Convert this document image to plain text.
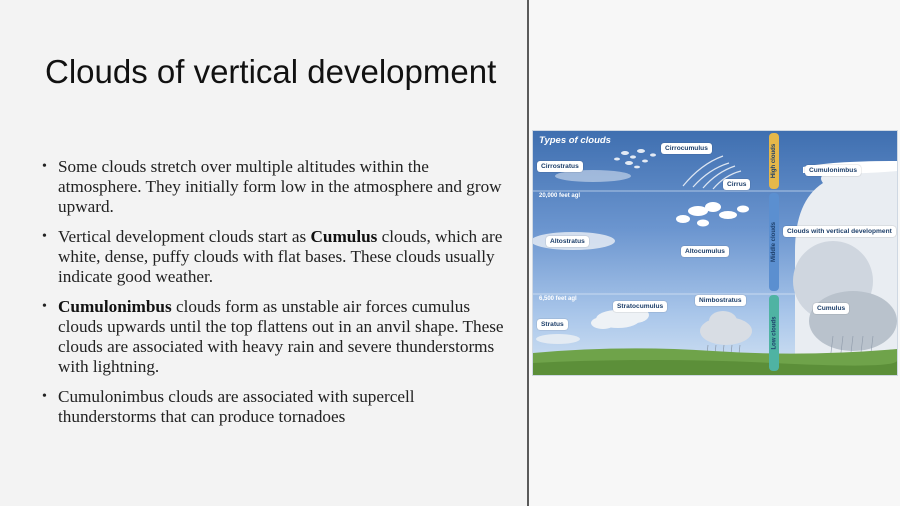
Clouds of vertical development
• Some clouds stretch over multiple altitudes within the atmosphere. They initially form low in the atmosphere and grow upward.
• Vertical development clouds start as Cumulus clouds, which are white, dense, puffy clouds with flat bases. These clouds usually indicate good weather.
• Cumulonimbus clouds form as unstable air forces cumulus clouds upwards until the top flattens out in an anvil shape. These clouds are associated with heavy rain and severe thunderstorms with lightning.
• Cumulonimbus clouds are associated with supercell thunderstorms that can produce tornadoes
Types of clouds
20,000 feet agl
6,500 feet agl
High clouds
Middle clouds
Low clouds
Cirrocumulus
Cirrostratus
Cirrus
Cumulonimbus
Clouds with vertical development
Altostratus
Altocumulus
Nimbostratus
Stratocumulus
Stratus
Cumulus
